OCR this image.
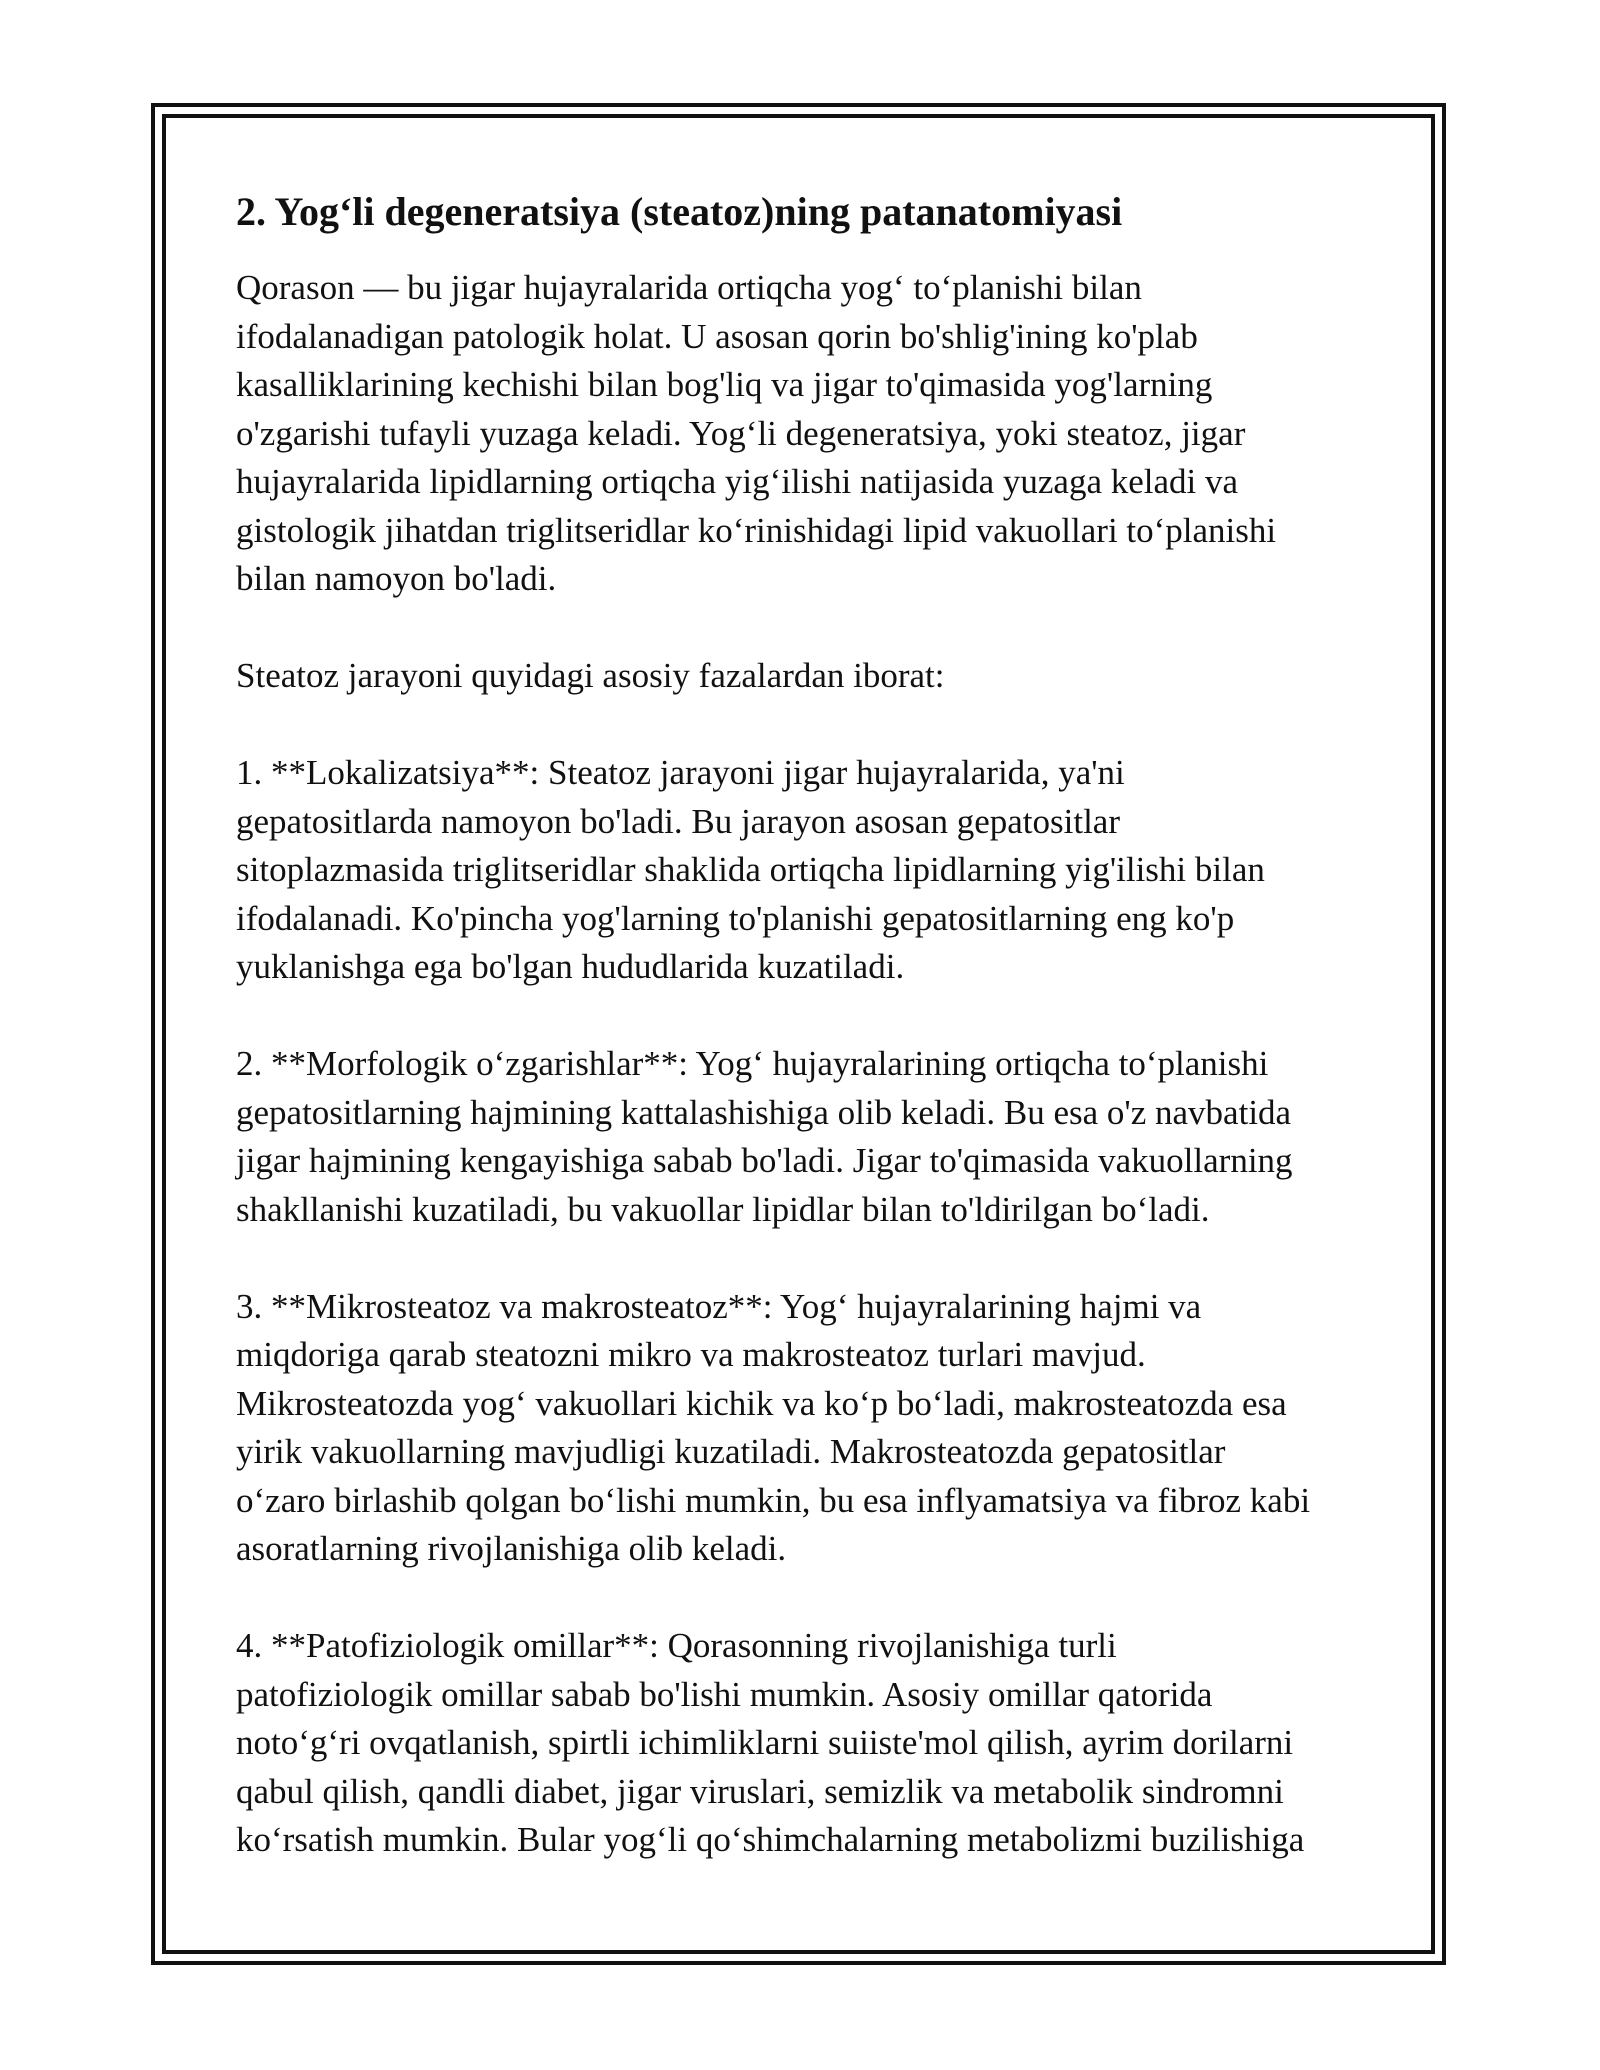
2. Yog‘li degeneratsiya (steatoz)ning patanatomiyasi
Qorason — bu jigar hujayralarida ortiqcha yog‘ to‘planishi bilan
ifodalanadigan patologik holat. U asosan qorin bo'shlig'ining ko'plab
kasalliklarining kechishi bilan bog'liq va jigar to'qimasida yog'larning
o'zgarishi tufayli yuzaga keladi. Yog‘li degeneratsiya, yoki steatoz, jigar
hujayralarida lipidlarning ortiqcha yig‘ilishi natijasida yuzaga keladi va
gistologik jihatdan triglitseridlar ko‘rinishidagi lipid vakuollari to‘planishi
bilan namoyon bo'ladi.
Steatoz jarayoni quyidagi asosiy fazalardan iborat:
1. **Lokalizatsiya**: Steatoz jarayoni jigar hujayralarida, ya'ni
gepatositlarda namoyon bo'ladi. Bu jarayon asosan gepatositlar
sitoplazmasida triglitseridlar shaklida ortiqcha lipidlarning yig'ilishi bilan
ifodalanadi. Ko'pincha yog'larning to'planishi gepatositlarning eng ko'p
yuklanishga ega bo'lgan hududlarida kuzatiladi.
2. **Morfologik o‘zgarishlar**: Yog‘ hujayralarining ortiqcha to‘planishi
gepatositlarning hajmining kattalashishiga olib keladi. Bu esa o'z navbatida
jigar hajmining kengayishiga sabab bo'ladi. Jigar to'qimasida vakuollarning
shakllanishi kuzatiladi, bu vakuollar lipidlar bilan to'ldirilgan bo‘ladi.
3. **Mikrosteatoz va makrosteatoz**: Yog‘ hujayralarining hajmi va
miqdoriga qarab steatozni mikro va makrosteatoz turlari mavjud.
Mikrosteatozda yog‘ vakuollari kichik va ko‘p bo‘ladi, makrosteatozda esa
yirik vakuollarning mavjudligi kuzatiladi. Makrosteatozda gepatositlar
o‘zaro birlashib qolgan bo‘lishi mumkin, bu esa inflyamatsiya va fibroz kabi
asoratlarning rivojlanishiga olib keladi.
4. **Patofiziologik omillar**: Qorasonning rivojlanishiga turli
patofiziologik omillar sabab bo'lishi mumkin. Asosiy omillar qatorida
noto‘g‘ri ovqatlanish, spirtli ichimliklarni suiiste'mol qilish, ayrim dorilarni
qabul qilish, qandli diabet, jigar viruslari, semizlik va metabolik sindromni
ko‘rsatish mumkin. Bular yog‘li qo‘shimchalarning metabolizmi buzilishiga
